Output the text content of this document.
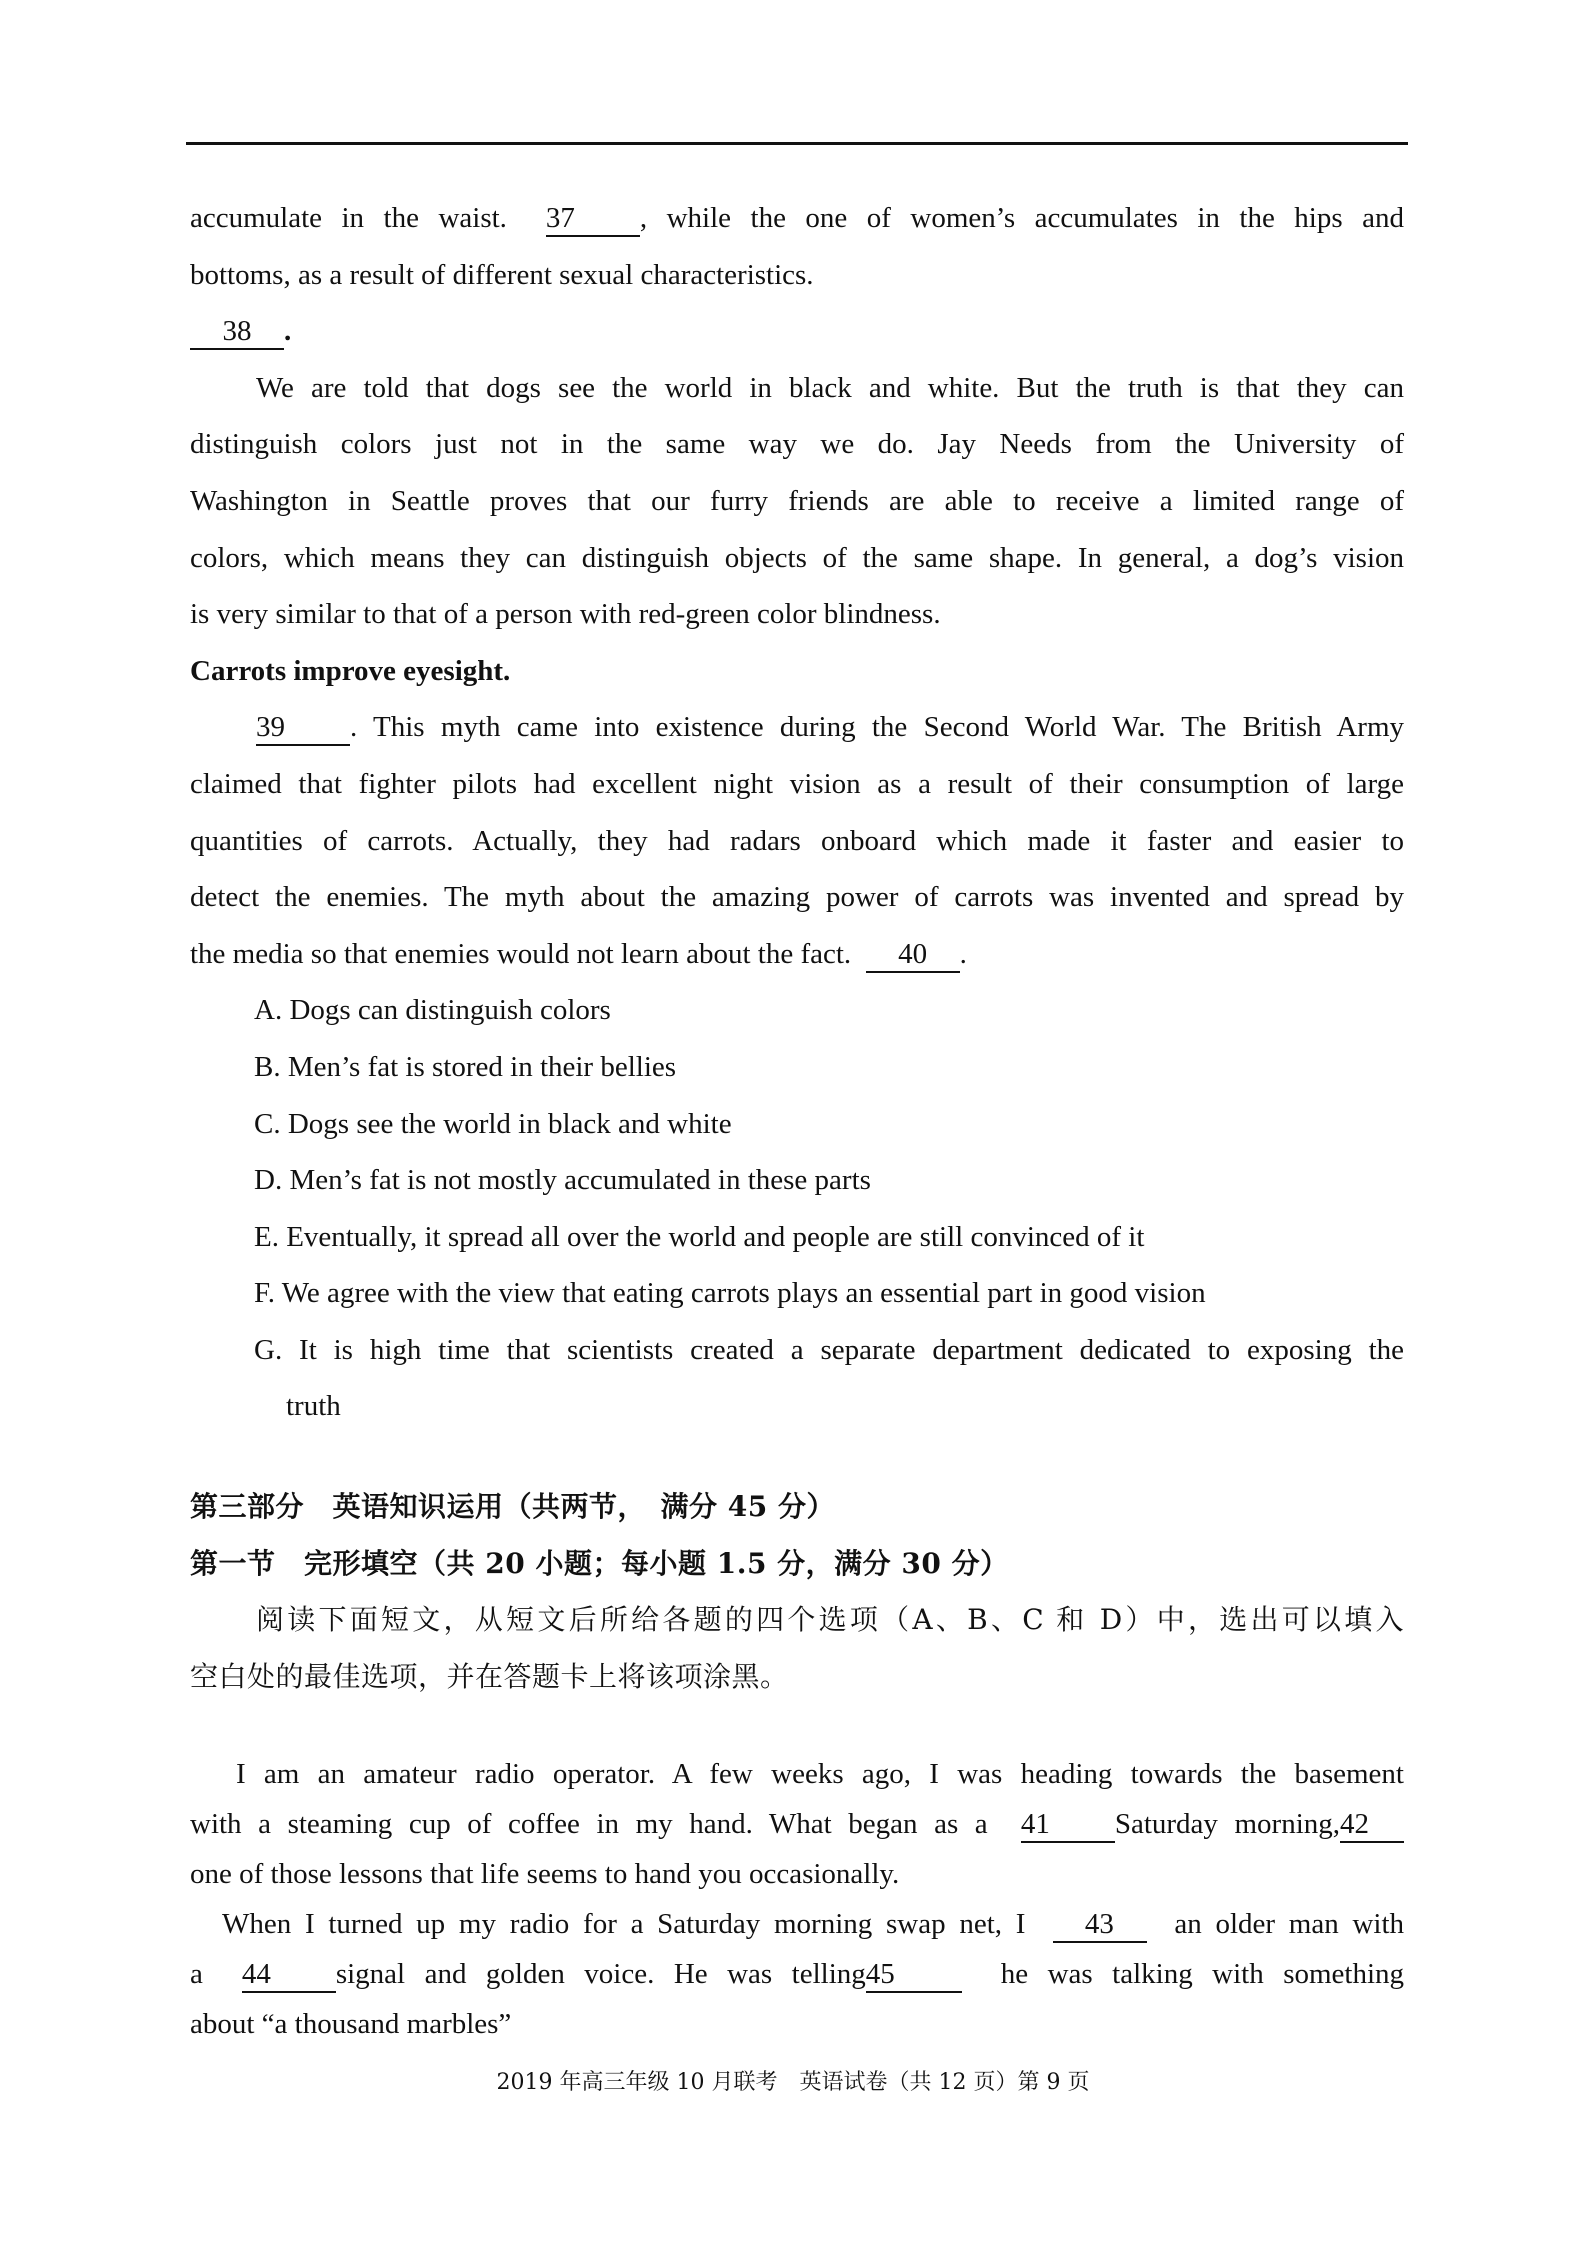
accumulate in the waist. 37 , while the one of women’s accumulates in the hips and

bottoms, as a result of different sexual characteristics.

38 .

We are told that dogs see the world in black and white. But the truth is that they can

distinguish colors just not in the same way we do. Jay Needs from the University of

Washington in Seattle proves that our furry friends are able to receive a limited range of

colors, which means they can distinguish objects of the same shape. In general, a dog’s vision

is very similar to that of a person with red-green color blindness.

Carrots improve eyesight.

39 . This myth came into existence during the Second World War. The British Army

claimed that fighter pilots had excellent night vision as a result of their consumption of large

quantities of carrots. Actually, they had radars onboard which made it faster and easier to

detect the enemies. The myth about the amazing power of carrots was invented and spread by

the media so that enemies would not learn about the fact. 40 .

A. Dogs can distinguish colors

B. Men’s fat is stored in their bellies

C. Dogs see the world in black and white

D. Men’s fat is not mostly accumulated in these parts

E. Eventually, it spread all over the world and people are still convinced of it

F. We agree with the view that eating carrots plays an essential part in good vision

G. It is high time that scientists created a separate department dedicated to exposing the

truth

第三部分　英语知识运用（共两节，　满分 45 分）

第一节　完形填空（共 20 小题；每小题 1.5 分，满分 30 分）

阅读下面短文，从短文后所给各题的四个选项（A、B、C 和 D）中，选出可以填入

空白处的最佳选项，并在答题卡上将该项涂黑。

I am an amateur radio operator. A few weeks ago, I was heading towards the basement

with a steaming cup of coffee in my hand. What began as a 41 Saturday morning,42

one of those lessons that life seems to hand you occasionally.

When I turned up my radio for a Saturday morning swap net, I 43 an older man with

a 44 signal and golden voice. He was telling45	he was talking with something

about “a thousand marbles”

2019 年高三年级 10 月联考　英语试卷（共 12 页）第 9 页
